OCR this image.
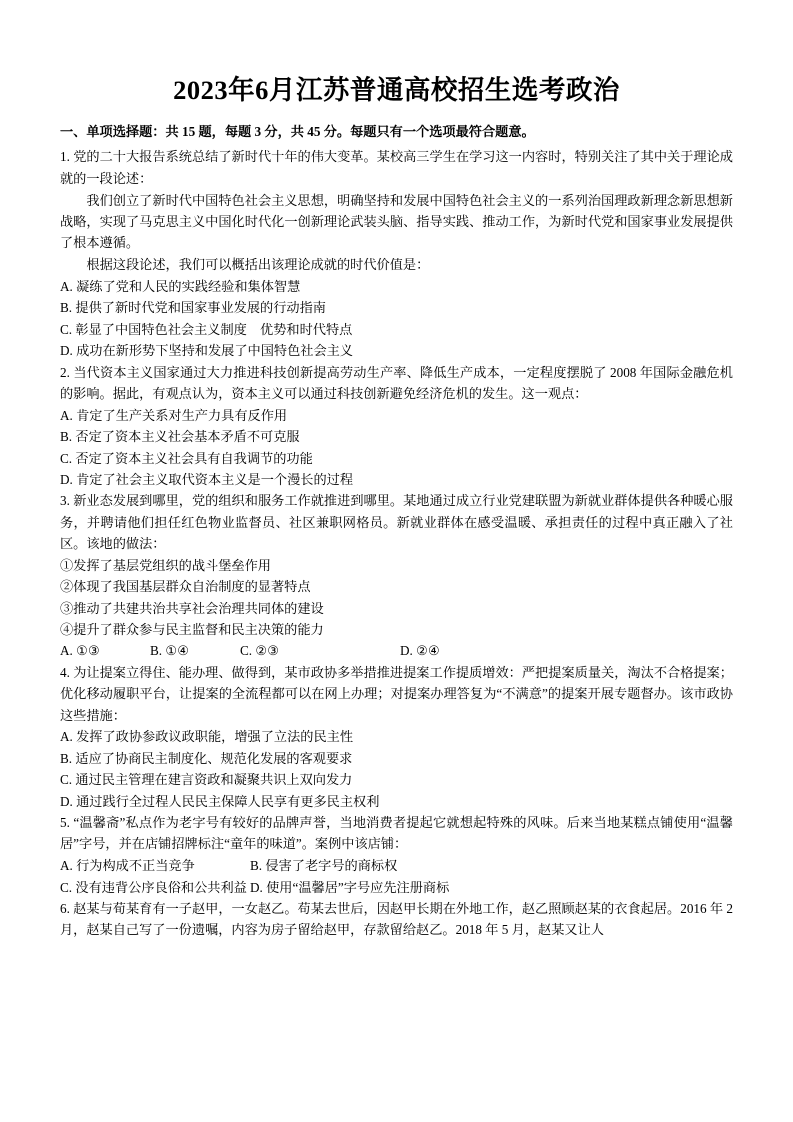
2023年6月江苏普通高校招生选考政治
一、单项选择题：共 15 题，每题 3 分，共 45 分。每题只有一个选项最符合题意。

1. 党的二十大报告系统总结了新时代十年的伟大变革。某校高三学生在学习这一内容时，特别关注了其中关于理论成就的一段论述：

我们创立了新时代中国特色社会主义思想，明确坚持和发展中国特色社会主义的一系列治国理政新理念新思想新战略，实现了马克思主义中国化时代化一创新理论武装头脑、指导实践、推动工作，为新时代党和国家事业发展提供了根本遵循。

根据这段论述，我们可以概括出该理论成就的时代价值是：

A. 凝练了党和人民的实践经验和集体智慧

B. 提供了新时代党和国家事业发展的行动指南

C. 彰显了中国特色社会主义制度　优势和时代特点

D. 成功在新形势下坚持和发展了中国特色社会主义

2. 当代资本主义国家通过大力推进科技创新提高劳动生产率、降低生产成本，一定程度摆脱了 2008 年国际金融危机的影响。据此，有观点认为，资本主义可以通过科技创新避免经济危机的发生。这一观点：

A. 肯定了生产关系对生产力具有反作用

B. 否定了资本主义社会基本矛盾不可克服

C. 否定了资本主义社会具有自我调节的功能

D. 肯定了社会主义取代资本主义是一个漫长的过程

3. 新业态发展到哪里，党的组织和服务工作就推进到哪里。某地通过成立行业党建联盟为新就业群体提供各种暖心服务，并聘请他们担任红色物业监督员、社区兼职网格员。新就业群体在感受温暖、承担责任的过程中真正融入了社区。该地的做法：

①发挥了基层党组织的战斗堡垒作用

②体现了我国基层群众自治制度的显著特点

③推动了共建共治共享社会治理共同体的建设

④提升了群众参与民主监督和民主决策的能力

A. ①③	B. ①④	C. ②③	D. ②④

4. 为让提案立得住、能办理、做得到，某市政协多举措推进提案工作提质增效：严把提案质量关，淘汰不合格提案；优化移动履职平台，让提案的全流程都可以在网上办理；对提案办理答复为“不满意”的提案开展专题督办。该市政协这些措施：

A. 发挥了政协参政议政职能，增强了立法的民主性

B. 适应了协商民主制度化、规范化发展的客观要求

C. 通过民主管理在建言资政和凝聚共识上双向发力

D. 通过践行全过程人民民主保障人民享有更多民主权利

5. “温馨斋”私点作为老字号有较好的品牌声誉，当地消费者提起它就想起特殊的风味。后来当地某糕点铺使用“温馨居”字号，并在店铺招牌标注“童年的味道”。案例中该店铺：

A. 行为构成不正当竞争	B. 侵害了老字号的商标权
C. 没有违背公序良俗和公共利益 D. 使用“温馨居”字号应先注册商标

6. 赵某与荀某育有一子赵甲，一女赵乙。苟某去世后，因赵甲长期在外地工作，赵乙照顾赵某的衣食起居。2016 年 2 月，赵某自己写了一份遗嘱，内容为房子留给赵甲，存款留给赵乙。2018 年 5 月，赵某又让人
